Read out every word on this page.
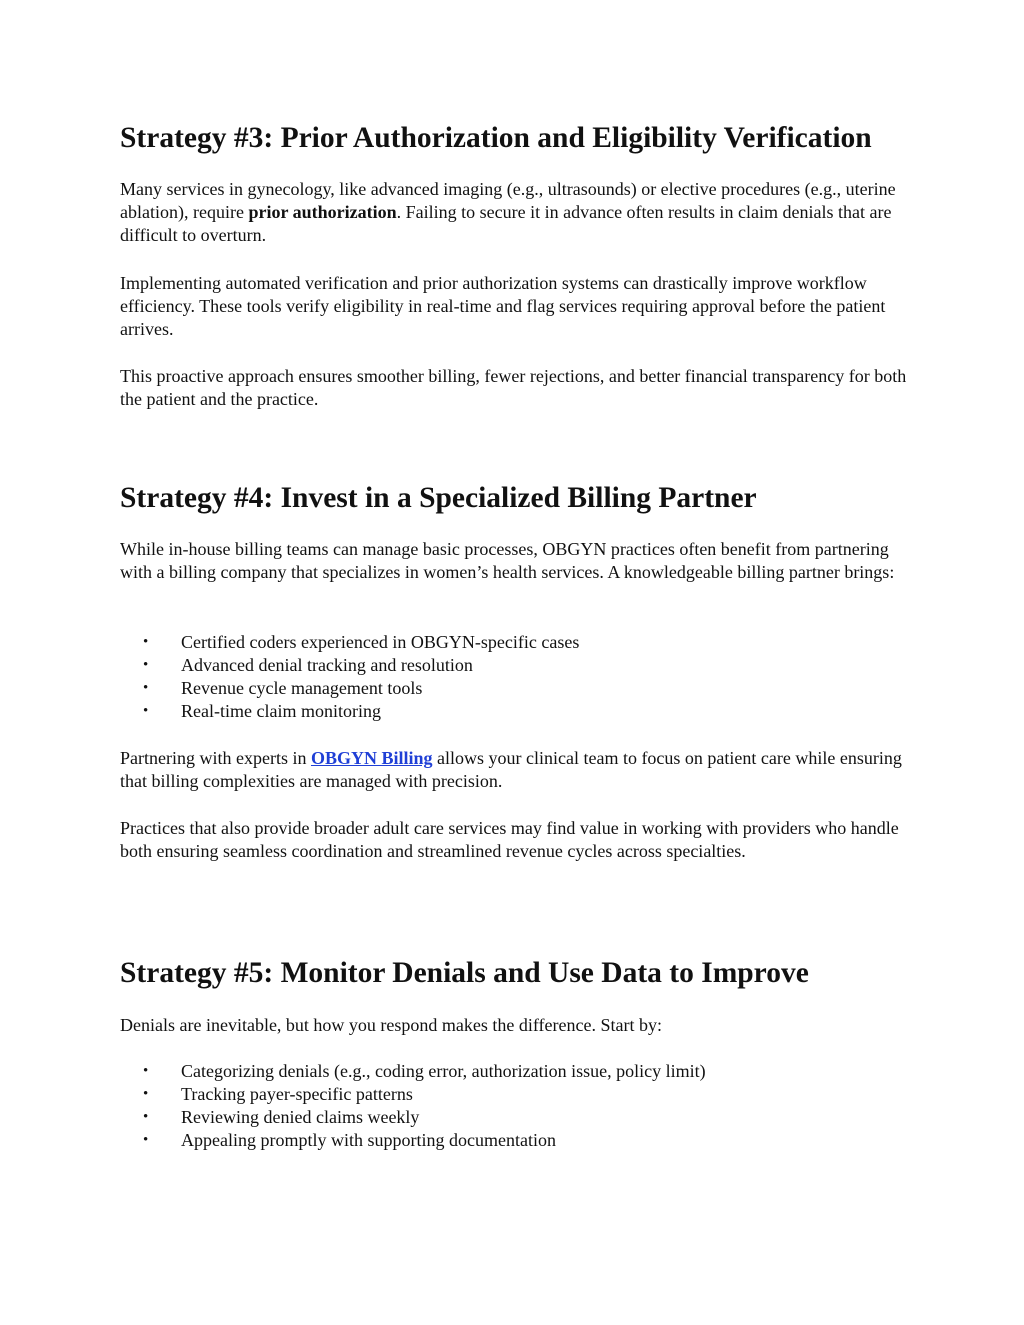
Strategy #3: Prior Authorization and Eligibility Verification

Many services in gynecology, like advanced imaging (e.g., ultrasounds) or elective procedures (e.g., uterine ablation), require prior authorization. Failing to secure it in advance often results in claim denials that are difficult to overturn.

Implementing automated verification and prior authorization systems can drastically improve workflow efficiency. These tools verify eligibility in real-time and flag services requiring approval before the patient arrives.

This proactive approach ensures smoother billing, fewer rejections, and better financial transparency for both the patient and the practice.

Strategy #4: Invest in a Specialized Billing Partner

While in-house billing teams can manage basic processes, OBGYN practices often benefit from partnering with a billing company that specializes in women’s health services. A knowledgeable billing partner brings:

• Certified coders experienced in OBGYN-specific cases
• Advanced denial tracking and resolution
• Revenue cycle management tools
• Real-time claim monitoring

Partnering with experts in OBGYN Billing allows your clinical team to focus on patient care while ensuring that billing complexities are managed with precision.

Practices that also provide broader adult care services may find value in working with providers who handle both ensuring seamless coordination and streamlined revenue cycles across specialties.

Strategy #5: Monitor Denials and Use Data to Improve

Denials are inevitable, but how you respond makes the difference. Start by:

• Categorizing denials (e.g., coding error, authorization issue, policy limit)
• Tracking payer-specific patterns
• Reviewing denied claims weekly
• Appealing promptly with supporting documentation
